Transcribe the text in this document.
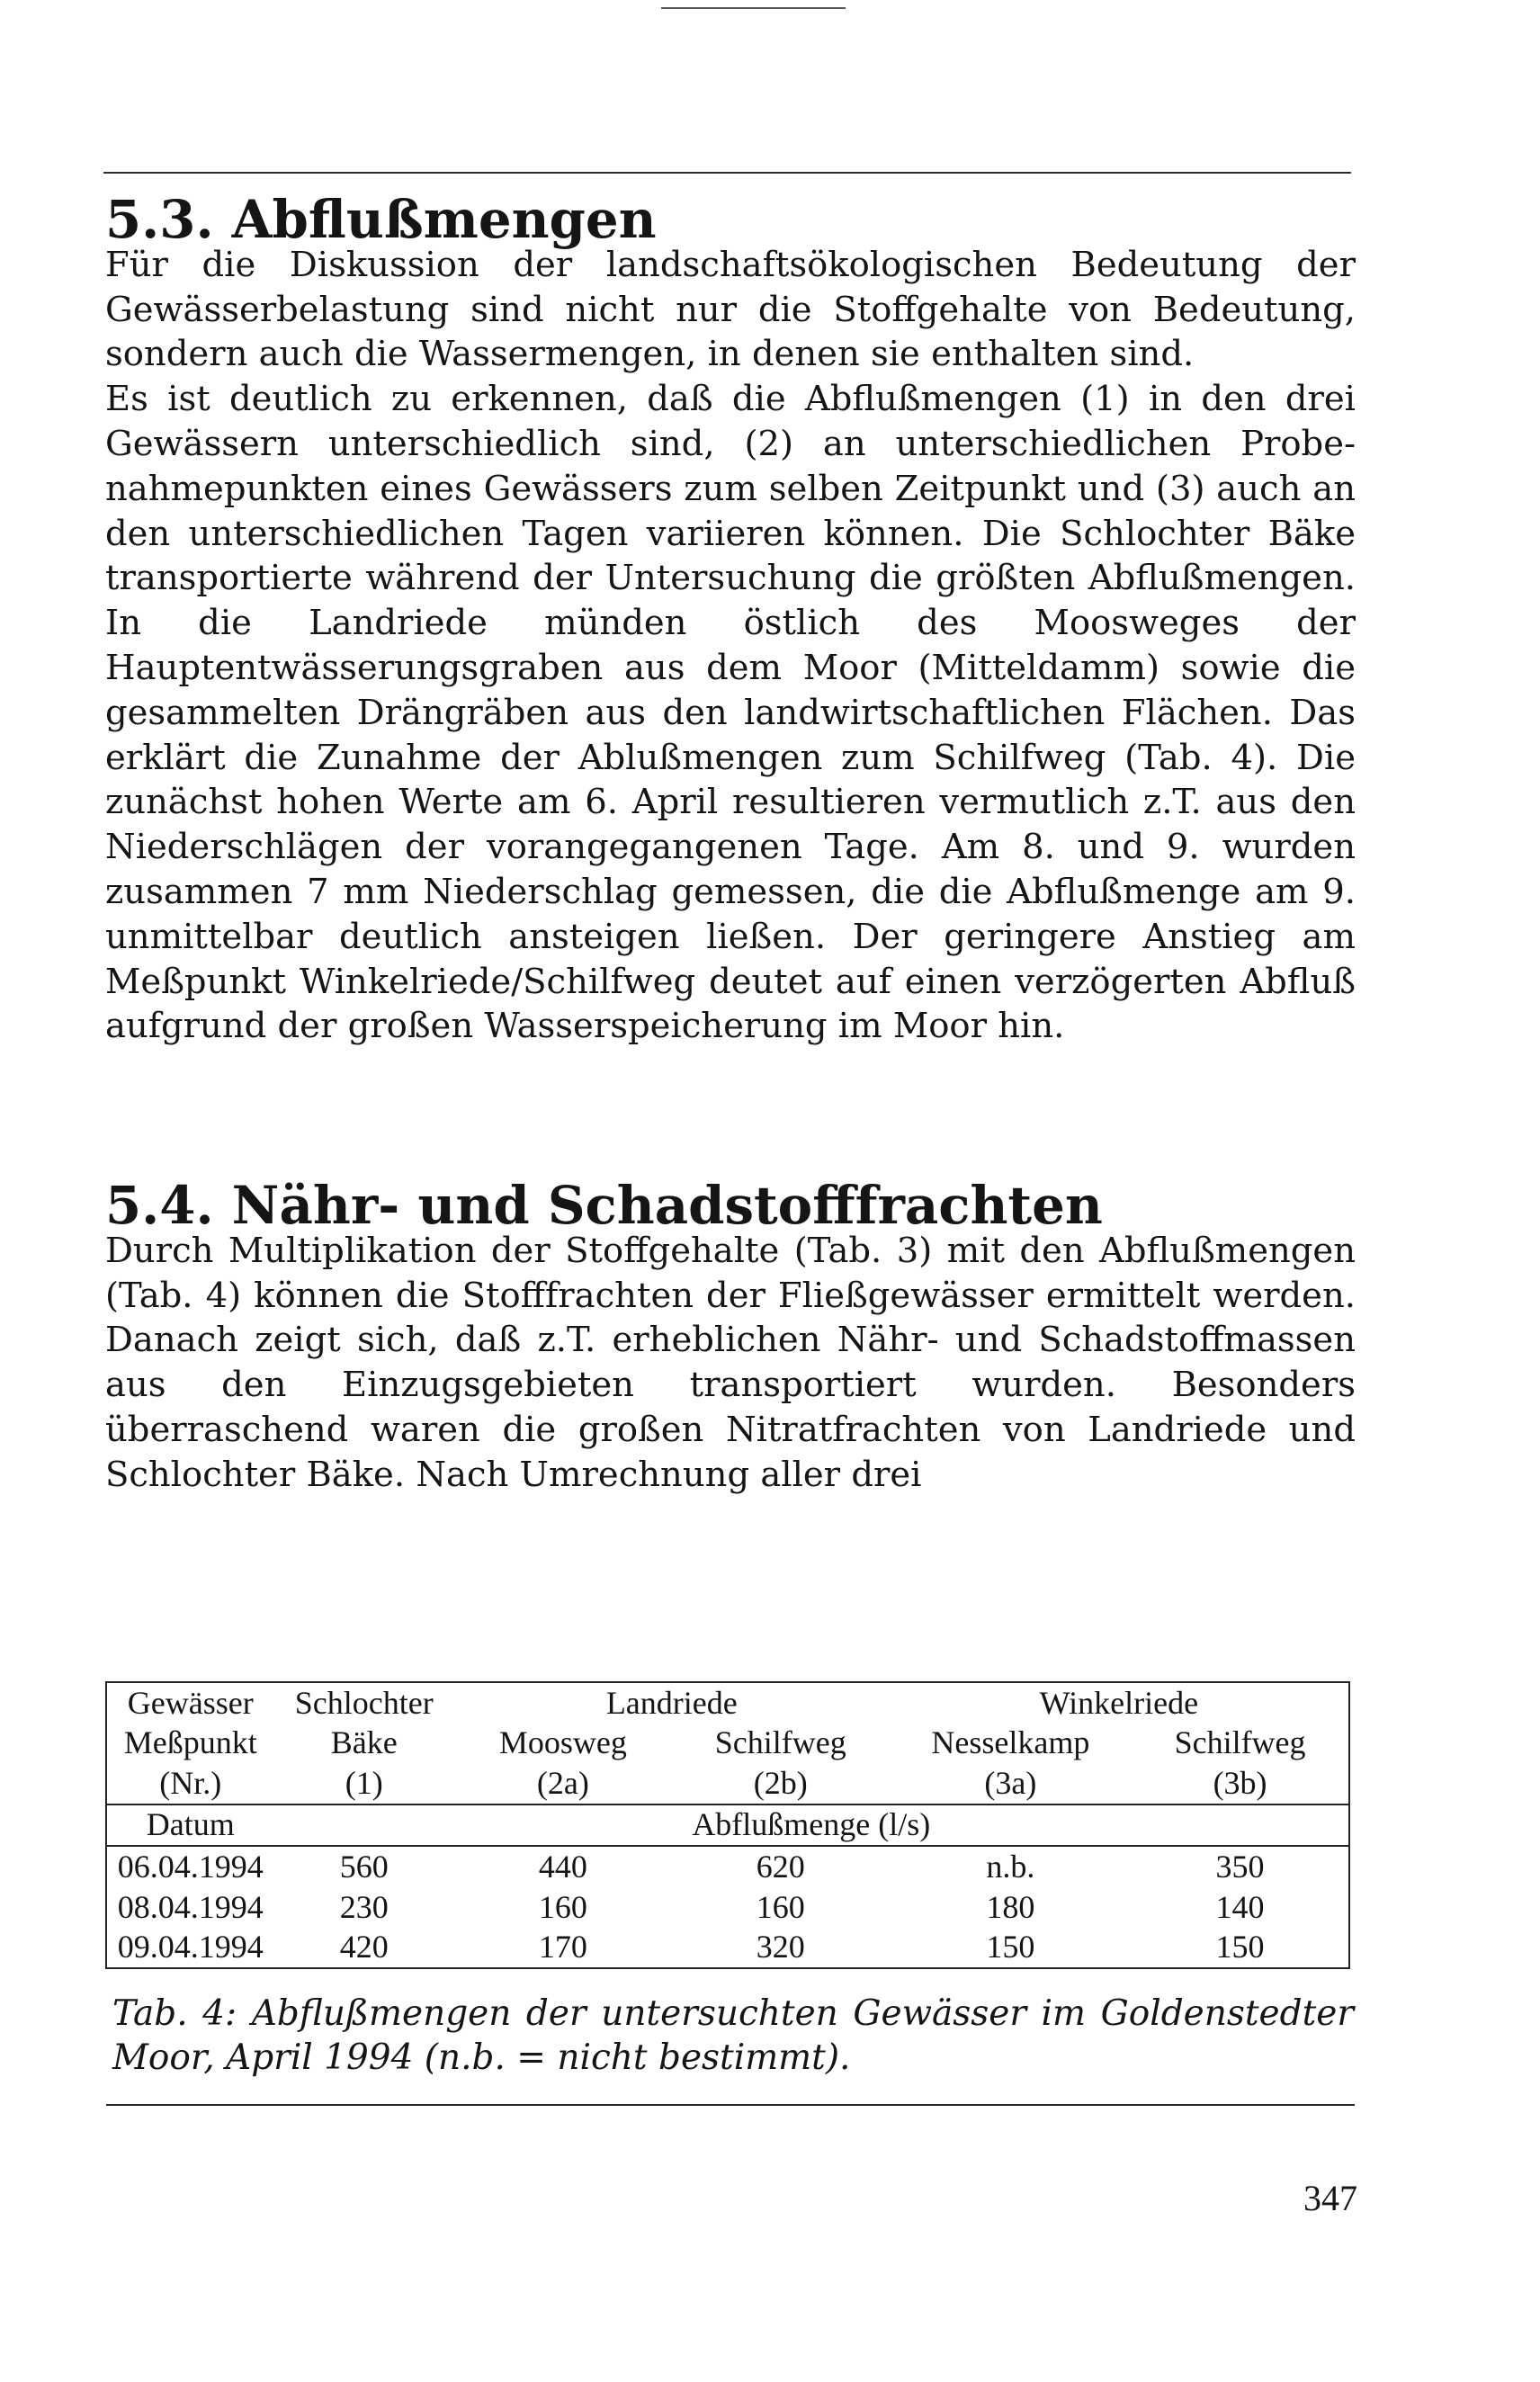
5.3. Abflußmengen

Für die Diskussion der landschaftsökologischen Bedeutung der Gewässerbelastung sind nicht nur die Stoffgehalte von Bedeutung, sondern auch die Wassermengen, in denen sie enthalten sind.

Es ist deutlich zu erkennen, daß die Abflußmengen (1) in den drei Gewässern unterschiedlich sind, (2) an unterschiedlichen Probenahmepunkten eines Gewässers zum selben Zeitpunkt und (3) auch an den unterschiedlichen Tagen variieren können. Die Schlochter Bäke transportierte während der Untersuchung die größten Abflußmengen. In die Landriede münden östlich des Moosweges der Hauptentwässerungsgraben aus dem Moor (Mitteldamm) sowie die gesammelten Drängräben aus den landwirtschaftlichen Flächen. Das erklärt die Zunahme der Ablußmengen zum Schilfweg (Tab. 4). Die zunächst hohen Werte am 6. April resultieren vermutlich z.T. aus den Niederschlägen der vorangegangenen Tage. Am 8. und 9. wurden zusammen 7 mm Niederschlag gemessen, die die Abflußmenge am 9. unmittelbar deutlich ansteigen ließen. Der geringere Anstieg am Meßpunkt Winkelriede/Schilfweg deutet auf einen verzögerten Abfluß aufgrund der großen Wasserspeicherung im Moor hin.

5.4. Nähr- und Schadstofffrachten

Durch Multiplikation der Stoffgehalte (Tab. 3) mit den Abflußmengen (Tab. 4) können die Stofffrachten der Fließgewässer ermittelt werden. Danach zeigt sich, daß z.T. erheblichen Nähr- und Schadstoffmassen aus den Einzugsgebieten transportiert wurden. Besonders überraschend waren die großen Nitratfrachten von Landriede und Schlochter Bäke. Nach Umrechnung aller drei

Gewässer	Schlochter	Landriede		Winkelriede	
Meßpunkt	Bäke	Moosweg	Schilfweg	Nesselkamp	Schilfweg
(Nr.)	(1)	(2a)	(2b)	(3a)	(3b)
Datum	Abflußmenge (l/s)				
06.04.1994	560	440	620	n.b.	350
08.04.1994	230	160	160	180	140
09.04.1994	420	170	320	150	150
Tab. 4: Abflußmengen der untersuchten Gewässer im Goldenstedter Moor, April 1994 (n.b. = nicht bestimmt).
347
